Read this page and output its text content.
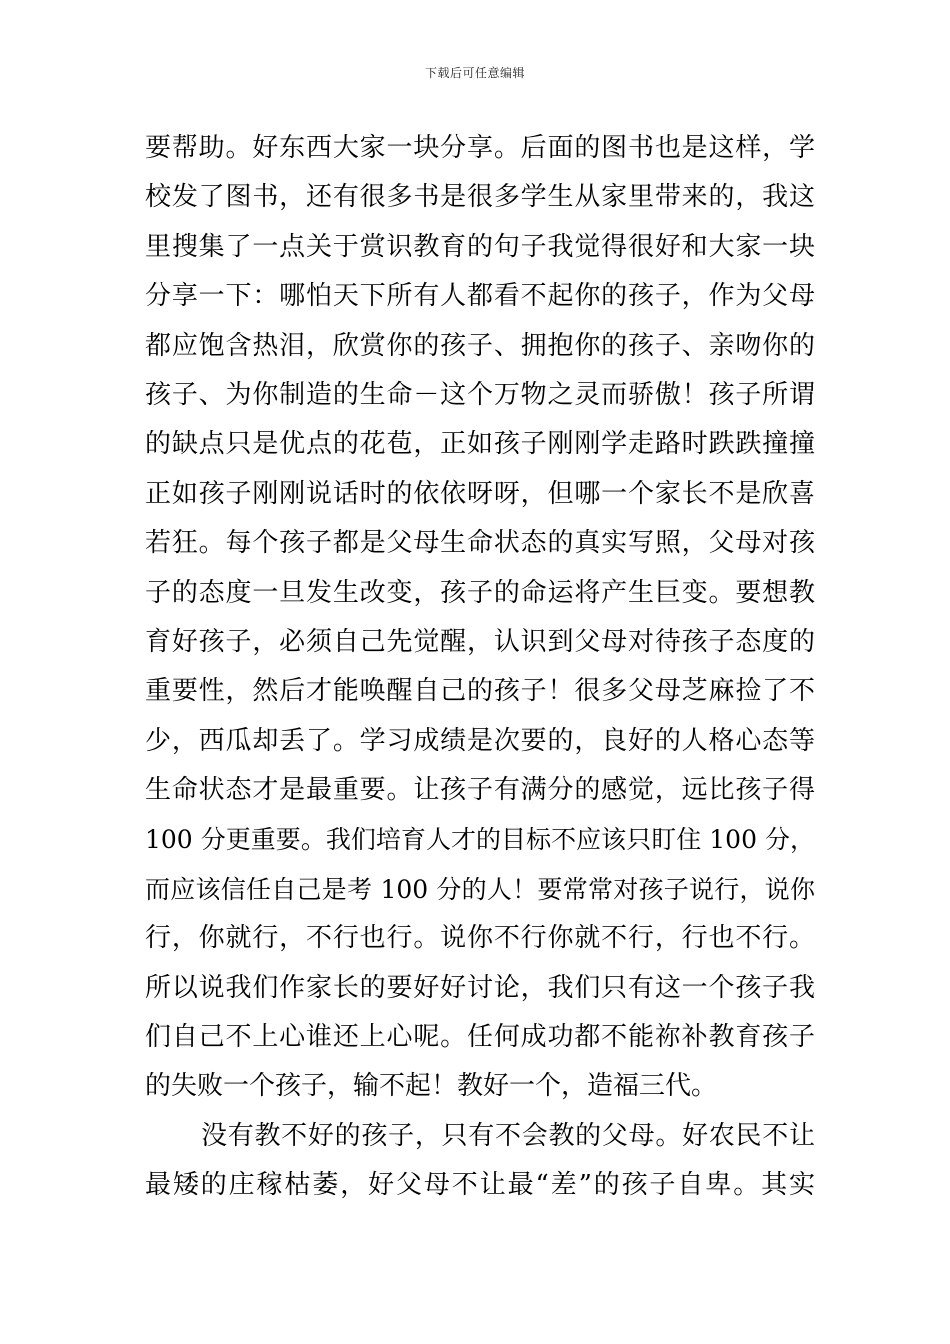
下载后可任意编辑
要帮助。好东西大家一块分享。后面的图书也是这样，学
校发了图书，还有很多书是很多学生从家里带来的，我这
里搜集了一点关于赏识教育的句子我觉得很好和大家一块
分享一下：哪怕天下所有人都看不起你的孩子，作为父母
都应饱含热泪，欣赏你的孩子、拥抱你的孩子、亲吻你的
孩子、为你制造的生命－这个万物之灵而骄傲！孩子所谓
的缺点只是优点的花苞，正如孩子刚刚学走路时跌跌撞撞
正如孩子刚刚说话时的依依呀呀，但哪一个家长不是欣喜
若狂。每个孩子都是父母生命状态的真实写照，父母对孩
子的态度一旦发生改变，孩子的命运将产生巨变。要想教
育好孩子，必须自己先觉醒，认识到父母对待孩子态度的
重要性，然后才能唤醒自己的孩子！很多父母芝麻捡了不
少，西瓜却丢了。学习成绩是次要的，良好的人格心态等
生命状态才是最重要。让孩子有满分的感觉，远比孩子得
100 分更重要。我们培育人才的目标不应该只盯住 100 分，
而应该信任自己是考 100 分的人！要常常对孩子说行，说你
行，你就行，不行也行。说你不行你就不行，行也不行。
所以说我们作家长的要好好讨论，我们只有这一个孩子我
们自己不上心谁还上心呢。任何成功都不能祢补教育孩子
的失败一个孩子，输不起！教好一个，造福三代。
没有教不好的孩子，只有不会教的父母。好农民不让
最矮的庄稼枯萎，好父母不让最“差”的孩子自卑。其实
